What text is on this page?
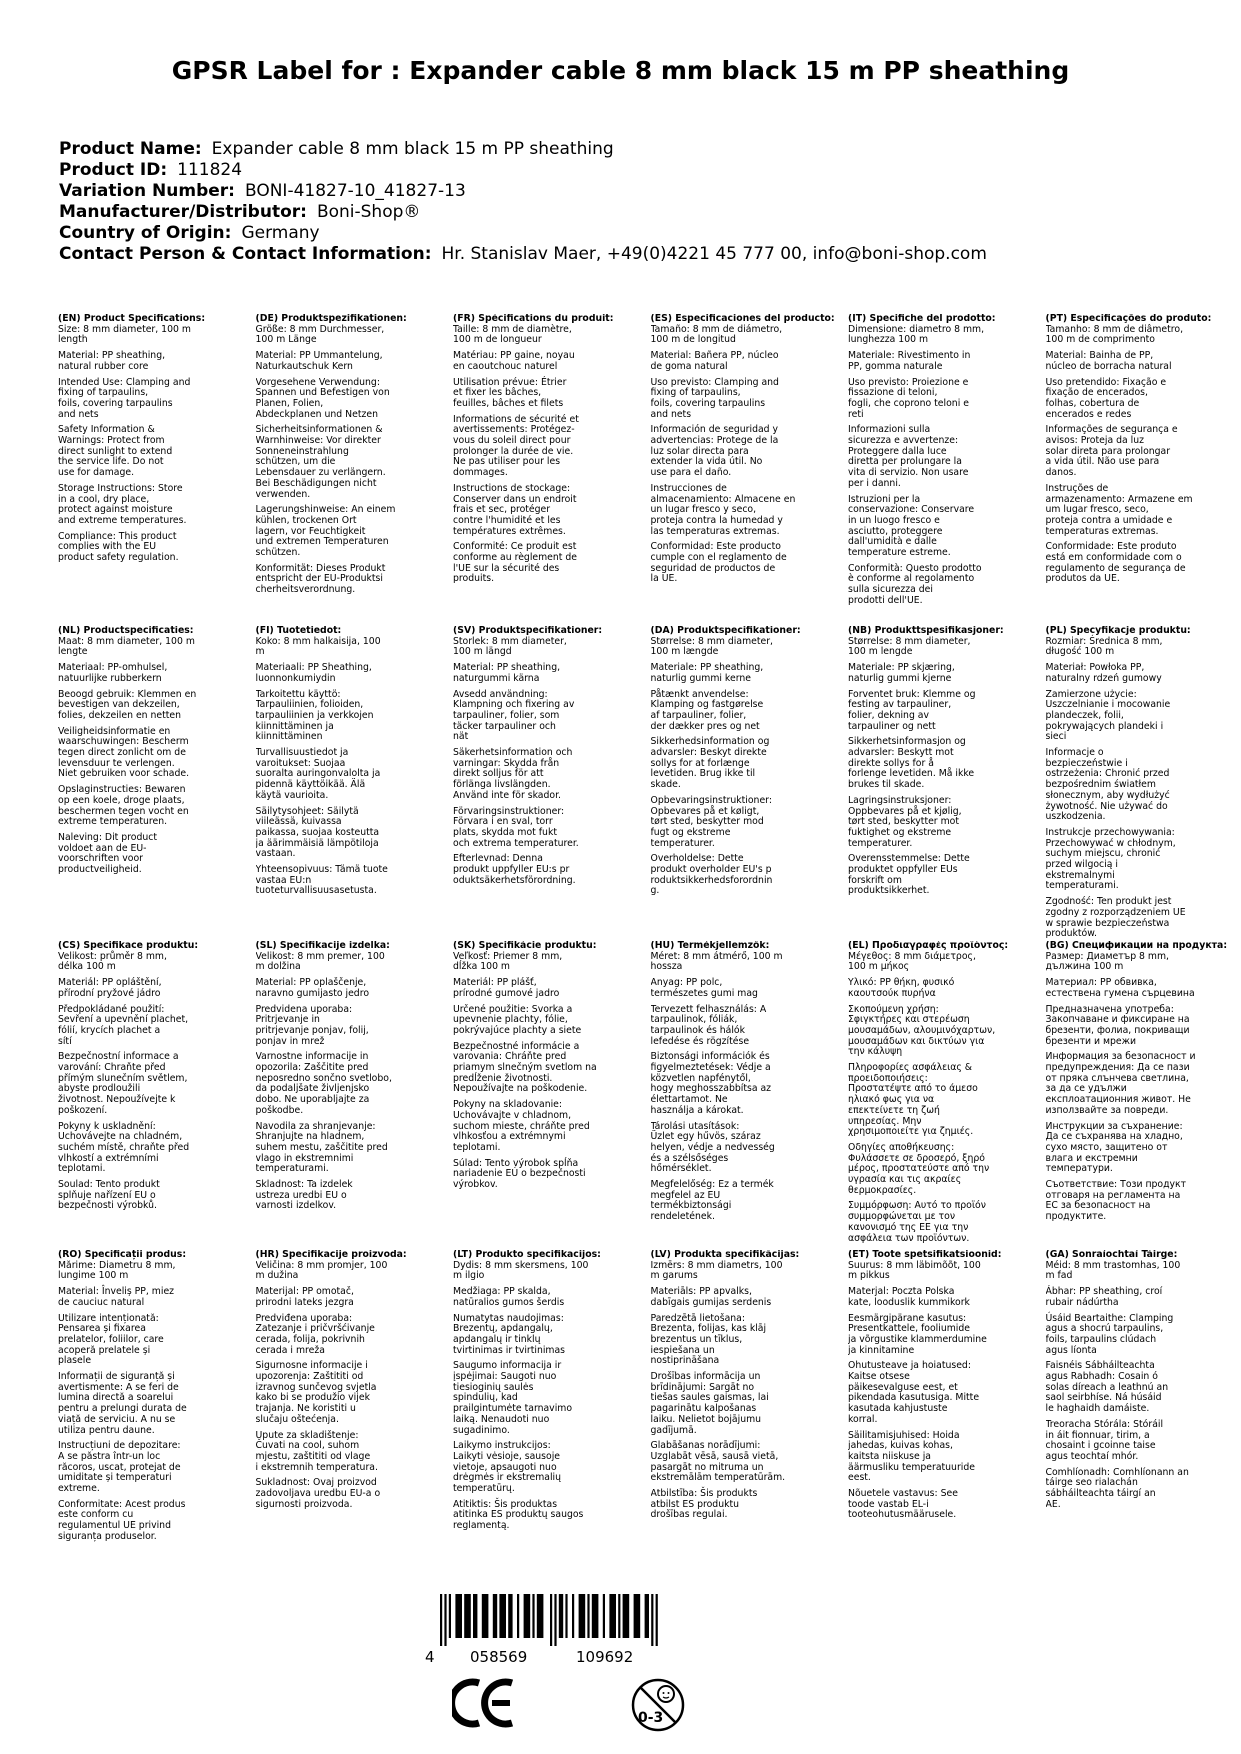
GPSR Label for : Expander cable 8 mm black 15 m PP sheathing
Product Name: Expander cable 8 mm black 15 m PP sheathing
Product ID: 111824
Variation Number: BONI-41827-10_41827-13
Manufacturer/Distributor: Boni-Shop®
Country of Origin: Germany
Contact Person & Contact Information: Hr. Stanislav Maer, +49(0)4221 45 777 00, info@boni-shop.com
(EN) Product Specifications:
Size: 8 mm diameter, 100 m
length
Material: PP sheathing,
natural rubber core
Intended Use: Clamping and
fixing of tarpaulins,
foils, covering tarpaulins
and nets
Safety Information &
Warnings: Protect from
direct sunlight to extend
the service life. Do not
use for damage.
Storage Instructions: Store
in a cool, dry place,
protect against moisture
and extreme temperatures.
Compliance: This product
complies with the EU
product safety regulation.
(DE) Produktspezifikationen:
Größe: 8 mm Durchmesser,
100 m Länge
Material: PP Ummantelung,
Naturkautschuk Kern
Vorgesehene Verwendung:
Spannen und Befestigen von
Planen, Folien,
Abdeckplanen und Netzen
Sicherheitsinformationen &
Warnhinweise: Vor direkter
Sonneneinstrahlung
schützen, um die
Lebensdauer zu verlängern.
Bei Beschädigungen nicht
verwenden.
Lagerungshinweise: An einem
kühlen, trockenen Ort
lagern, vor Feuchtigkeit
und extremen Temperaturen
schützen.
Konformität: Dieses Produkt
entspricht der EU-Produktsi
cherheitsverordnung.
(FR) Spécifications du produit:
Taille: 8 mm de diamètre,
100 m de longueur
Matériau: PP gaine, noyau
en caoutchouc naturel
Utilisation prévue: Étrier
et fixer les bâches,
feuilles, bâches et filets
Informations de sécurité et
avertissements: Protégez-
vous du soleil direct pour
prolonger la durée de vie.
Ne pas utiliser pour les
dommages.
Instructions de stockage:
Conserver dans un endroit
frais et sec, protéger
contre l'humidité et les
températures extrêmes.
Conformité: Ce produit est
conforme au règlement de
l'UE sur la sécurité des
produits.
(ES) Especificaciones del producto:
Tamaño: 8 mm de diámetro,
100 m de longitud
Material: Bañera PP, núcleo
de goma natural
Uso previsto: Clamping and
fixing of tarpaulins,
foils, covering tarpaulins
and nets
Información de seguridad y
advertencias: Protege de la
luz solar directa para
extender la vida útil. No
use para el daño.
Instrucciones de
almacenamiento: Almacene en
un lugar fresco y seco,
proteja contra la humedad y
las temperaturas extremas.
Conformidad: Este producto
cumple con el reglamento de
seguridad de productos de
la UE.
(IT) Specifiche del prodotto:
Dimensione: diametro 8 mm,
lunghezza 100 m
Materiale: Rivestimento in
PP, gomma naturale
Uso previsto: Proiezione e
fissazione di teloni,
fogli, che coprono teloni e
reti
Informazioni sulla
sicurezza e avvertenze:
Proteggere dalla luce
diretta per prolungare la
vita di servizio. Non usare
per i danni.
Istruzioni per la
conservazione: Conservare
in un luogo fresco e
asciutto, proteggere
dall'umidità e dalle
temperature estreme.
Conformità: Questo prodotto
è conforme al regolamento
sulla sicurezza dei
prodotti dell'UE.
(PT) Especificações do produto:
Tamanho: 8 mm de diâmetro,
100 m de comprimento
Material: Bainha de PP,
núcleo de borracha natural
Uso pretendido: Fixação e
fixação de encerados,
folhas, cobertura de
encerados e redes
Informações de segurança e
avisos: Proteja da luz
solar direta para prolongar
a vida útil. Não use para
danos.
Instruções de
armazenamento: Armazene em
um lugar fresco, seco,
proteja contra a umidade e
temperaturas extremas.
Conformidade: Este produto
está em conformidade com o
regulamento de segurança de
produtos da UE.
(NL) Productspecificaties:
Maat: 8 mm diameter, 100 m
lengte
Materiaal: PP-omhulsel,
natuurlijke rubberkern
Beoogd gebruik: Klemmen en
bevestigen van dekzeilen,
folies, dekzeilen en netten
Veiligheidsinformatie en
waarschuwingen: Bescherm
tegen direct zonlicht om de
levensduur te verlengen.
Niet gebruiken voor schade.
Opslaginstructies: Bewaren
op een koele, droge plaats,
beschermen tegen vocht en
extreme temperaturen.
Naleving: Dit product
voldoet aan de EU-
voorschriften voor
productveiligheid.
(FI) Tuotetiedot:
Koko: 8 mm halkaisija, 100
m
Materiaali: PP Sheathing,
luonnonkumiydin
Tarkoitettu käyttö:
Tarpauliinien, folioiden,
tarpauliinien ja verkkojen
kiinnittäminen ja
kiinnittäminen
Turvallisuustiedot ja
varoitukset: Suojaa
suoralta auringonvalolta ja
pidennä käyttöikää. Älä
käytä vaurioita.
Säilytysohjeet: Säilytä
viileässä, kuivassa
paikassa, suojaa kosteutta
ja äärimmäisiä lämpötiloja
vastaan.
Yhteensopivuus: Tämä tuote
vastaa EU:n
tuoteturvallisuusasetusta.
(SV) Produktspecifikationer:
Storlek: 8 mm diameter,
100 m längd
Material: PP sheathing,
naturgummi kärna
Avsedd användning:
Klampning och fixering av
tarpauliner, folier, som
täcker tarpauliner och
nät
Säkerhetsinformation och
varningar: Skydda från
direkt solljus för att
förlänga livslängden.
Använd inte för skador.
Förvaringsinstruktioner:
Förvara i en sval, torr
plats, skydda mot fukt
och extrema temperaturer.
Efterlevnad: Denna
produkt uppfyller EU:s pr
oduktsäkerhetsförordning.
(DA) Produktspecifikationer:
Størrelse: 8 mm diameter,
100 m længde
Materiale: PP sheathing,
naturlig gummi kerne
Påtænkt anvendelse:
Klamping og fastgørelse
af tarpauliner, folier,
der dækker pres og net
Sikkerhedsinformation og
advarsler: Beskyt direkte
sollys for at forlænge
levetiden. Brug ikke til
skade.
Opbevaringsinstruktioner:
Opbevares på et køligt,
tørt sted, beskytter mod
fugt og ekstreme
temperaturer.
Overholdelse: Dette
produkt overholder EU's p
roduktsikkerhedsforordnin
g.
(NB) Produkttspesifikasjoner:
Størrelse: 8 mm diameter,
100 m lengde
Materiale: PP skjæring,
naturlig gummi kjerne
Forventet bruk: Klemme og
festing av tarpauliner,
folier, dekning av
tarpauliner og nett
Sikkerhetsinformasjon og
advarsler: Beskytt mot
direkte sollys for å
forlenge levetiden. Må ikke
brukes til skade.
Lagringsinstruksjoner:
Oppbevares på et kjølig,
tørt sted, beskytter mot
fuktighet og ekstreme
temperaturer.
Overensstemmelse: Dette
produktet oppfyller EUs
forskrift om
produktsikkerhet.
(PL) Specyfikacje produktu:
Rozmiar: Średnica 8 mm,
długość 100 m
Materiał: Powłoka PP,
naturalny rdzeń gumowy
Zamierzone użycie:
Uszczelnianie i mocowanie
plandeczek, folii,
pokrywających plandeki i
sieci
Informacje o
bezpieczeństwie i
ostrzeżenia: Chronić przed
bezpośrednim światłem
słonecznym, aby wydłużyć
żywotność. Nie używać do
uszkodzenia.
Instrukcje przechowywania:
Przechowywać w chłodnym,
suchym miejscu, chronić
przed wilgocią i
ekstremalnymi
temperaturami.
Zgodność: Ten produkt jest
zgodny z rozporządzeniem UE
w sprawie bezpieczeństwa
produktów.
(CS) Specifikace produktu:
Velikost: průměr 8 mm,
délka 100 m
Materiál: PP opláštění,
přírodní pryžové jádro
Předpokládané použití:
Sevření a upevnění plachet,
fólií, krycích plachet a
sítí
Bezpečnostní informace a
varování: Chraňte před
přímým slunečním světlem,
abyste prodloužili
životnost. Nepoužívejte k
poškození.
Pokyny k uskladnění:
Uchovávejte na chladném,
suchém místě, chraňte před
vlhkostí a extrémními
teplotami.
Soulad: Tento produkt
splňuje nařízení EU o
bezpečnosti výrobků.
(SL) Specifikacije izdelka:
Velikost: 8 mm premer, 100
m dolžina
Material: PP oplaščenje,
naravno gumijasto jedro
Predvidena uporaba:
Pritrjevanje in
pritrjevanje ponjav, folij,
ponjav in mrež
Varnostne informacije in
opozorila: Zaščitite pred
neposredno sončno svetlobo,
da podaljšate življenjsko
dobo. Ne uporabljajte za
poškodbe.
Navodila za shranjevanje:
Shranjujte na hladnem,
suhem mestu, zaščitite pred
vlago in ekstremnimi
temperaturami.
Skladnost: Ta izdelek
ustreza uredbi EU o
varnosti izdelkov.
(SK) Špecifikácie produktu:
Veľkosť: Priemer 8 mm,
dĺžka 100 m
Materiál: PP plášť,
prírodné gumové jadro
Určené použitie: Svorka a
upevnenie plachty, fólie,
pokrývajúce plachty a siete
Bezpečnostné informácie a
varovania: Chráňte pred
priamym slnečným svetlom na
predĺženie životnosti.
Nepoužívajte na poškodenie.
Pokyny na skladovanie:
Uchovávajte v chladnom,
suchom mieste, chráňte pred
vlhkosťou a extrémnymi
teplotami.
Súlad: Tento výrobok spĺňa
nariadenie EÚ o bezpečnosti
výrobkov.
(HU) Termékjellemzők:
Méret: 8 mm átmérő, 100 m
hossza
Anyag: PP polc,
természetes gumi mag
Tervezett felhasználás: A
tarpaulinok, fóliák,
tarpaulinok és hálók
lefedése és rögzítése
Biztonsági információk és
figyelmeztetések: Védje a
közvetlen napfénytől,
hogy meghosszabbítsa az
élettartamot. Ne
használja a károkat.
Tárolási utasítások:
Üzlet egy hűvös, száraz
helyen, védje a nedvesség
és a szélsőséges
hőmérséklet.
Megfelelőség: Ez a termék
megfelel az EU
termékbiztonsági
rendeletének.
(EL) Προδιαγραφές προϊόντος:
Μέγεθος: 8 mm διάμετρος,
100 m μήκος
Υλικό: PP θήκη, φυσικό
καουτσούκ πυρήνα
Σκοπούμενη χρήση:
Σφιγκτήρες και στερέωση
μουσαμάδων, αλουμινόχαρτων,
μουσαμάδων και δικτύων για
την κάλυψη
Πληροφορίες ασφάλειας &
προειδοποιήσεις:
Προστατέψτε από το άμεσο
ηλιακό φως για να
επεκτείνετε τη ζωή
υπηρεσίας. Μην
χρησιμοποιείτε για ζημιές.
Οδηγίες αποθήκευσης:
Φυλάσσετε σε δροσερό, ξηρό
μέρος, προστατεύστε από την
υγρασία και τις ακραίες
θερμοκρασίες.
Συμμόρφωση: Αυτό το προϊόν
συμμορφώνεται με τον
κανονισμό της ΕΕ για την
ασφάλεια των προϊόντων.
(BG) Спецификации на продукта:
Размер: Диаметър 8 mm,
дължина 100 m
Материал: PP обвивка,
естествена гумена сърцевина
Предназначена употреба:
Закопчаване и фиксиране на
брезенти, фолиа, покриващи
брезенти и мрежи
Информация за безопасност и
предупреждения: Да се пази
от пряка слънчева светлина,
за да се удължи
експлоатационния живот. Не
използвайте за повреди.
Инструкции за съхранение:
Да се съхранява на хладно,
сухо място, защитено от
влага и екстремни
температури.
Съответствие: Този продукт
отговаря на регламента на
ЕС за безопасност на
продуктите.
(RO) Specificații produs:
Mărime: Diametru 8 mm,
lungime 100 m
Material: Înveliș PP, miez
de cauciuc natural
Utilizare intenționată:
Pensarea și fixarea
prelatelor, foliilor, care
acoperă prelatele și
plasele
Informații de siguranță și
avertismente: A se feri de
lumina directă a soarelui
pentru a prelungi durata de
viață de serviciu. A nu se
utiliza pentru daune.
Instrucțiuni de depozitare:
A se păstra într-un loc
răcoros, uscat, protejat de
umiditate și temperaturi
extreme.
Conformitate: Acest produs
este conform cu
regulamentul UE privind
siguranța produselor.
(HR) Specifikacije proizvoda:
Veličina: 8 mm promjer, 100
m dužina
Materijal: PP omotač,
prirodni lateks jezgra
Predviđena uporaba:
Zatezanje i pričvršćivanje
cerada, folija, pokrivnih
cerada i mreža
Sigurnosne informacije i
upozorenja: Zaštititi od
izravnog sunčevog svjetla
kako bi se produžio vijek
trajanja. Ne koristiti u
slučaju oštećenja.
Upute za skladištenje:
Čuvati na cool, suhom
mjestu, zaštititi od vlage
i ekstremnih temperatura.
Sukladnost: Ovaj proizvod
zadovoljava uredbu EU-a o
sigurnosti proizvoda.
(LT) Produkto specifikacijos:
Dydis: 8 mm skersmens, 100
m ilgio
Medžiaga: PP skalda,
natūralios gumos šerdis
Numatytas naudojimas:
Brezentų, apdangalų,
apdangalų ir tinklų
tvirtinimas ir tvirtinimas
Saugumo informacija ir
įspėjimai: Saugoti nuo
tiesioginių saulės
spindulių, kad
prailgintumėte tarnavimo
laiką. Nenaudoti nuo
sugadinimo.
Laikymo instrukcijos:
Laikyti vėsioje, sausoje
vietoje, apsaugoti nuo
drėgmės ir ekstremalių
temperatūrų.
Atitiktis: Šis produktas
atitinka ES produktų saugos
reglamentą.
(LV) Produkta specifikācijas:
Izmērs: 8 mm diametrs, 100
m garums
Materiāls: PP apvalks,
dabīgais gumijas serdenis
Paredzētā lietošana:
Brezenta, folijas, kas klāj
brezentus un tīklus,
iespiešana un
nostiprināšana
Drošības informācija un
brīdinājumi: Sargāt no
tiešas saules gaismas, lai
pagarinātu kalpošanas
laiku. Nelietot bojājumu
gadījumā.
Glabāšanas norādījumi:
Uzglabāt vēsā, sausā vietā,
pasargāt no mitruma un
ekstremālām temperatūrām.
Atbilstība: Šis produkts
atbilst ES produktu
drošības regulai.
(ET) Toote spetsifikatsioonid:
Suurus: 8 mm läbimõõt, 100
m pikkus
Materjal: Poczta Polska
kate, looduslik kummikork
Eesmärgipärane kasutus:
Presentkattele, fooliumide
ja võrgustike klammerdumine
ja kinnitamine
Ohutusteave ja hoiatused:
Kaitse otsese
päikesevalguse eest, et
pikendada kasutusiga. Mitte
kasutada kahjustuste
korral.
Säilitamisjuhised: Hoida
jahedas, kuivas kohas,
kaitsta niiskuse ja
äärmusliku temperatuuride
eest.
Nõuetele vastavus: See
toode vastab EL-i
tooteohutusmäärusele.
(GA) Sonraíochtaí Táirge:
Méid: 8 mm trastomhas, 100
m fad
Ábhar: PP sheathing, croí
rubair nádúrtha
Úsáid Beartaithe: Clamping
agus a shocrú tarpaulins,
foils, tarpaulins clúdach
agus líonta
Faisnéis Sábháilteachta
agus Rabhadh: Cosain ó
solas díreach a leathnú an
saol seirbhíse. Ná húsáid
le haghaidh damáiste.
Treoracha Stórála: Stóráil
in áit fionnuar, tirim, a
chosaint i gcoinne taise
agus teochtaí mhór.
Comhlíonadh: Comhlíonann an
táirge seo rialachán
sábháilteachta táirgí an
AE.
4 058569	109692
0-3
